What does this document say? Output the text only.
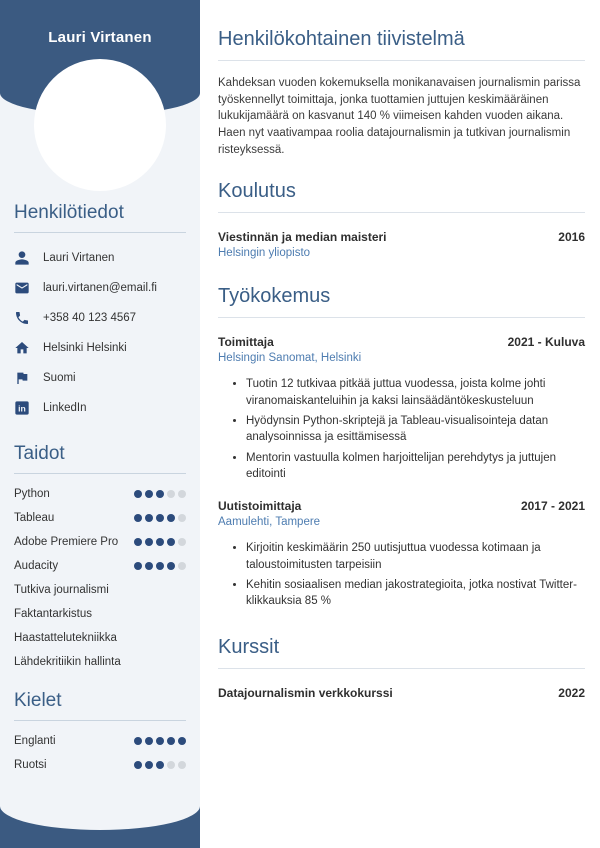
Lauri Virtanen
Henkilötiedot
Lauri Virtanen
lauri.virtanen@email.fi
+358 40 123 4567
Helsinki Helsinki
Suomi
in LinkedIn
Taidot
Python
Tableau
Adobe Premiere Pro
Audacity
Tutkiva journalismi
Faktantarkistus
Haastattelutekniikka
Lähdekritiikin hallinta
Kielet
Englanti
Ruotsi
Henkilökohtainen tiivistelmä
Kahdeksan vuoden kokemuksella monikanavaisen journalismin parissa työskennellyt toimittaja, jonka tuottamien juttujen keskimääräinen lukukijamäärä on kasvanut 140 % viimeisen kahden vuoden aikana. Haen nyt vaativampaa roolia datajournalismin ja tutkivan journalismin risteyksessä.
Koulutus
Viestinnän ja median maisteri	2016
Helsingin yliopisto
Työkokemus
Toimittaja	2021 - Kuluva
Helsingin Sanomat, Helsinki
• Tuotin 12 tutkivaa pitkää juttua vuodessa, joista kolme johti viranomaiskanteluihin ja kaksi lainsäädäntökeskusteluun
• Hyödynsin Python-skriptejä ja Tableau-visualisointeja datan analysoinnissa ja esittämisessä
• Mentorin vastuulla kolmen harjoittelijan perehdytys ja juttujen editointi
Uutistoimittaja	2017 - 2021
Aamulehti, Tampere
• Kirjoitin keskimäärin 250 uutisjuttua vuodessa kotimaan ja taloustoimitusten tarpeisiin
• Kehitin sosiaalisen median jakostrategioita, jotka nostivat Twitter-klikkauksia 85 %
Kurssit
Datajournalismin verkkokurssi	2022
